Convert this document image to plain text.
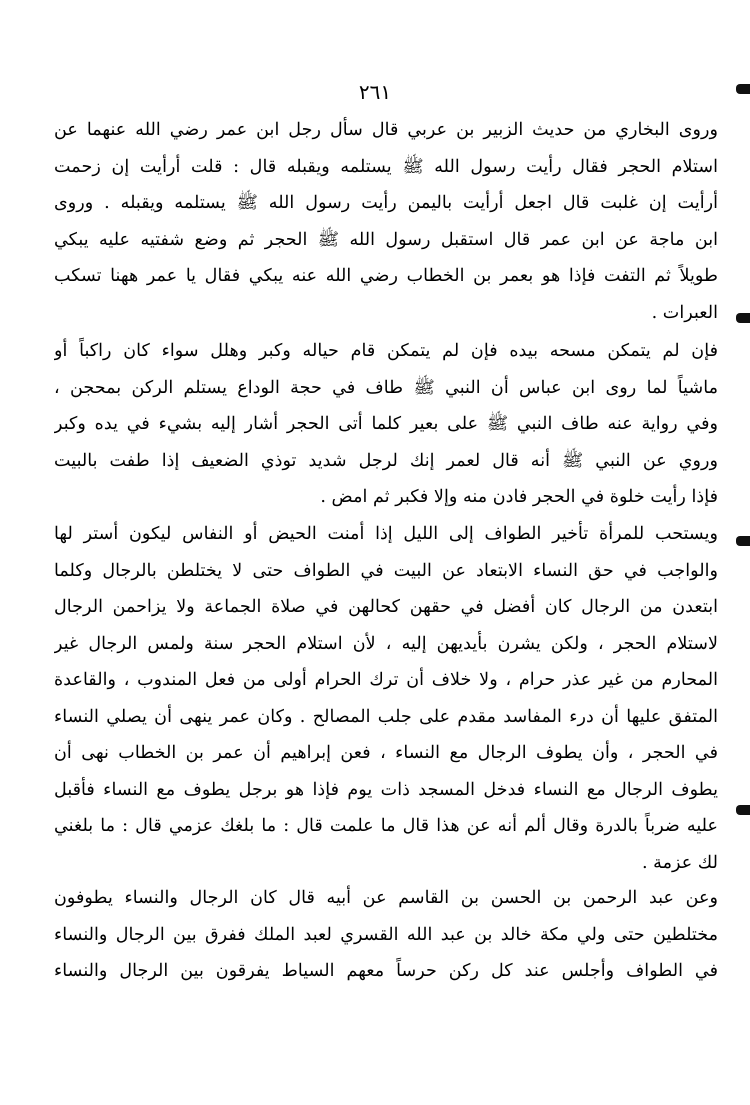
٢٦١
وروى البخاري من حديث الزبير بن عربي قال سأل رجل ابن عمر رضي الله عنهما عن
استلام الحجر فقال رأيت رسول الله ﷺ يستلمه ويقبله قال : قلت أرأيت إن زحمت
أرأيت إن غلبت قال اجعل أرأيت باليمن رأيت رسول الله ﷺ يستلمه ويقبله . وروى
ابن ماجة عن ابن عمر قال استقبل رسول الله ﷺ الحجر ثم وضع شفتيه عليه يبكي
طويلاً ثم التفت فإذا هو بعمر بن الخطاب رضي الله عنه يبكي فقال يا عمر ههنا تسكب
العبرات .
فإن لم يتمكن مسحه بيده فإن لم يتمكن قام حياله وكبر وهلل سواء كان راكباً أو
ماشياً لما روى ابن عباس أن النبي ﷺ طاف في حجة الوداع يستلم الركن بمحجن ،
وفي رواية عنه طاف النبي ﷺ على بعير كلما أتى الحجر أشار إليه بشيء في يده وكبر
وروي عن النبي ﷺ أنه قال لعمر إنك لرجل شديد توذي الضعيف إذا طفت بالبيت
فإذا رأيت خلوة في الحجر فادن منه وإلا فكبر ثم امض .
ويستحب للمرأة تأخير الطواف إلى الليل إذا أمنت الحيض أو النفاس ليكون أستر لها
والواجب في حق النساء الابتعاد عن البيت في الطواف حتى لا يختلطن بالرجال وكلما
ابتعدن من الرجال كان أفضل في حقهن كحالهن في صلاة الجماعة ولا يزاحمن الرجال
لاستلام الحجر ، ولكن يشرن بأيديهن إليه ، لأن استلام الحجر سنة ولمس الرجال غير
المحارم من غير عذر حرام ، ولا خلاف أن ترك الحرام أولى من فعل المندوب ، والقاعدة
المتفق عليها أن درء المفاسد مقدم على جلب المصالح . وكان عمر ينهى أن يصلي النساء
في الحجر ، وأن يطوف الرجال مع النساء ، فعن إبراهيم أن عمر بن الخطاب نهى أن
يطوف الرجال مع النساء فدخل المسجد ذات يوم فإذا هو برجل يطوف مع النساء فأقبل
عليه ضرباً بالدرة وقال ألم أنه عن هذا قال ما علمت قال : ما بلغك عزمي قال : ما بلغني
لك عزمة .
وعن عبد الرحمن بن الحسن بن القاسم عن أبيه قال كان الرجال والنساء يطوفون
مختلطين حتى ولي مكة خالد بن عبد الله القسري لعبد الملك ففرق بين الرجال والنساء
في الطواف وأجلس عند كل ركن حرساً معهم السياط يفرقون بين الرجال والنساء
